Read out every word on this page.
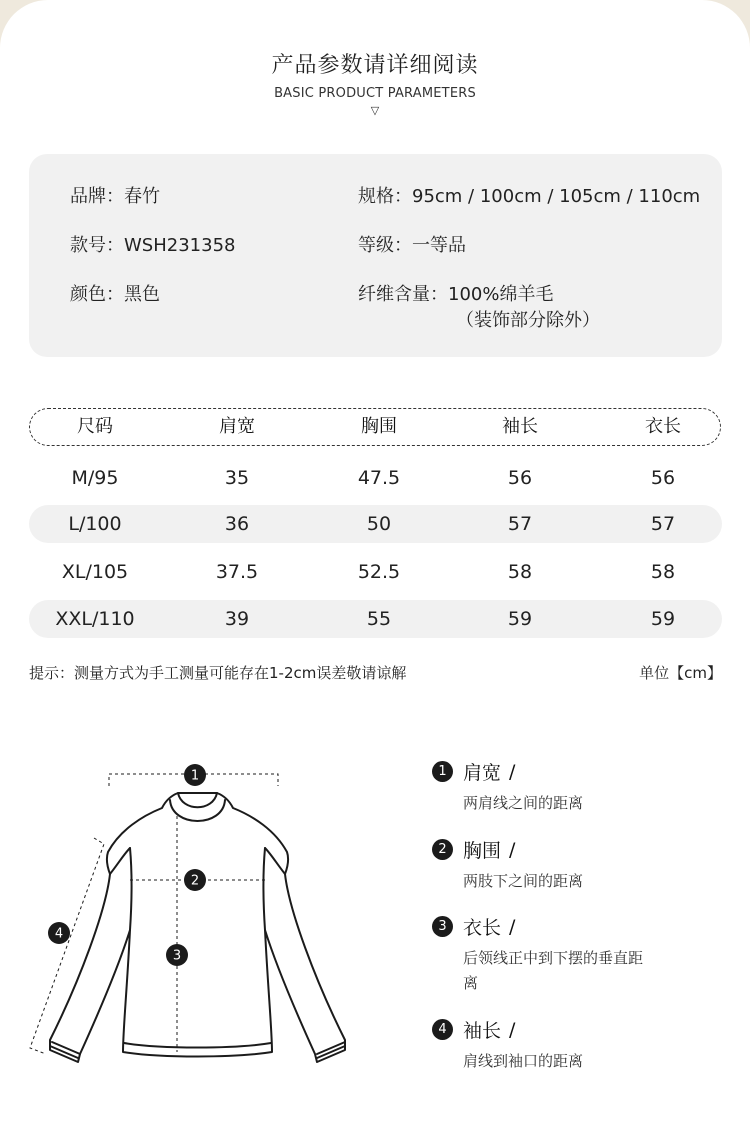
产品参数请详细阅读
BASIC PRODUCT PARAMETERS
▽
品牌：春竹	规格：95cm / 100cm / 105cm / 110cm
款号：WSH231358	等级：一等品
颜色：黑色	纤维含量：100%绵羊毛
（装饰部分除外）
尺码	肩宽	胸围	袖长	衣长
M/95	35	47.5	56	56
L/100	36	50	57	57
XL/105	37.5	52.5	58	58
XXL/110	39	55	59	59
提示：测量方式为手工测量可能存在1-2cm误差敬请谅解	单位【cm】
1
2
3
4
1 肩宽 /
两肩线之间的距离
2 胸围 /
两肢下之间的距离
3 衣长 /
后领线正中到下摆的垂直距离
4 袖长 /
肩线到袖口的距离
